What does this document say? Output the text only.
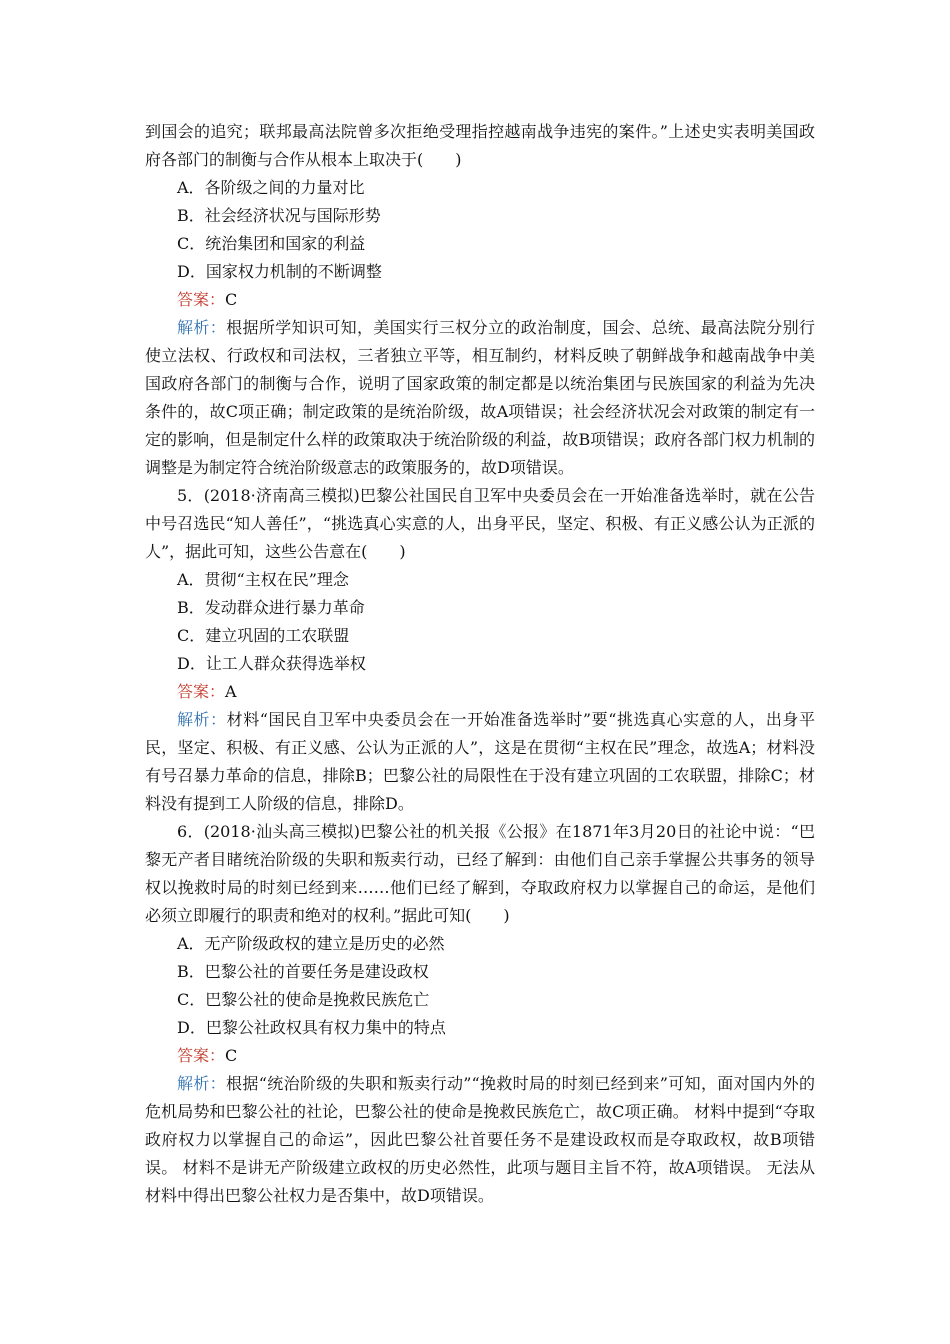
到国会的追究；联邦最高法院曾多次拒绝受理指控越南战争违宪的案件。”上述史实表明美国政府各部门的制衡与合作从根本上取决于(　　)

A．各阶级之间的力量对比

B．社会经济状况与国际形势

C．统治集团和国家的利益

D．国家权力机制的不断调整

答案：C

解析：根据所学知识可知，美国实行三权分立的政治制度，国会、总统、最高法院分别行使立法权、行政权和司法权，三者独立平等，相互制约，材料反映了朝鲜战争和越南战争中美国政府各部门的制衡与合作，说明了国家政策的制定都是以统治集团与民族国家的利益为先决条件的，故C项正确；制定政策的是统治阶级，故A项错误；社会经济状况会对政策的制定有一定的影响，但是制定什么样的政策取决于统治阶级的利益，故B项错误；政府各部门权力机制的调整是为制定符合统治阶级意志的政策服务的，故D项错误。

5．(2018·济南高三模拟)巴黎公社国民自卫军中央委员会在一开始准备选举时，就在公告中号召选民“知人善任”，“挑选真心实意的人，出身平民，坚定、积极、有正义感公认为正派的人”，据此可知，这些公告意在(　　)

A．贯彻“主权在民”理念

B．发动群众进行暴力革命

C．建立巩固的工农联盟

D．让工人群众获得选举权

答案：A

解析：材料“国民自卫军中央委员会在一开始准备选举时”要“挑选真心实意的人，出身平民，坚定、积极、有正义感、公认为正派的人”，这是在贯彻“主权在民”理念，故选A；材料没有号召暴力革命的信息，排除B；巴黎公社的局限性在于没有建立巩固的工农联盟，排除C；材料没有提到工人阶级的信息，排除D。

6．(2018·汕头高三模拟)巴黎公社的机关报《公报》在1871年3月20日的社论中说：“巴黎无产者目睹统治阶级的失职和叛卖行动，已经了解到：由他们自己亲手掌握公共事务的领导权以挽救时局的时刻已经到来……他们已经了解到，夺取政府权力以掌握自己的命运，是他们必须立即履行的职责和绝对的权利。”据此可知(　　)

A．无产阶级政权的建立是历史的必然

B．巴黎公社的首要任务是建设政权

C．巴黎公社的使命是挽救民族危亡

D．巴黎公社政权具有权力集中的特点

答案：C

解析：根据“统治阶级的失职和叛卖行动”“挽救时局的时刻已经到来”可知，面对国内外的危机局势和巴黎公社的社论，巴黎公社的使命是挽救民族危亡，故C项正确。 材料中提到“夺取政府权力以掌握自己的命运”，因此巴黎公社首要任务不是建设政权而是夺取政权，故B项错误。 材料不是讲无产阶级建立政权的历史必然性，此项与题目主旨不符，故A项错误。 无法从材料中得出巴黎公社权力是否集中，故D项错误。
